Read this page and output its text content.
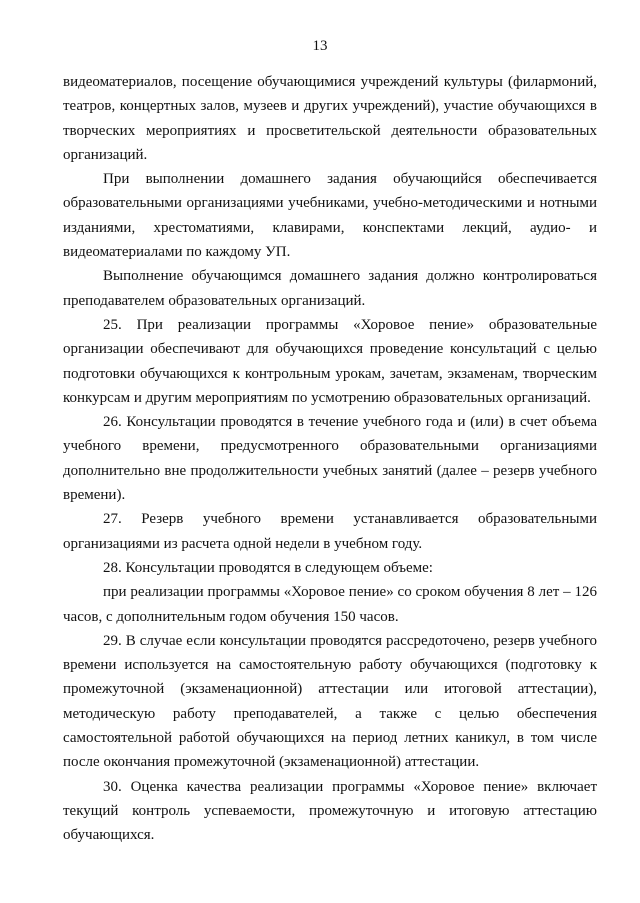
13

видеоматериалов, посещение обучающимися учреждений культуры (филармоний, театров, концертных залов, музеев и других учреждений), участие обучающихся в творческих мероприятиях и просветительской деятельности образовательных организаций.

При выполнении домашнего задания обучающийся обеспечивается образовательными организациями учебниками, учебно-методическими и нотными изданиями, хрестоматиями, клавирами, конспектами лекций, аудио- и видеоматериалами по каждому УП.

Выполнение обучающимся домашнего задания должно контролироваться преподавателем образовательных организаций.

25. При реализации программы «Хоровое пение» образовательные организации обеспечивают для обучающихся проведение консультаций с целью подготовки обучающихся к контрольным урокам, зачетам, экзаменам, творческим конкурсам и другим мероприятиям по усмотрению образовательных организаций.

26. Консультации проводятся в течение учебного года и (или) в счет объема учебного времени, предусмотренного образовательными организациями дополнительно вне продолжительности учебных занятий (далее – резерв учебного времени).

27. Резерв учебного времени устанавливается образовательными организациями из расчета одной недели в учебном году.

28. Консультации проводятся в следующем объеме:

при реализации программы «Хоровое пение» со сроком обучения 8 лет – 126 часов, с дополнительным годом обучения 150 часов.

29. В случае если консультации проводятся рассредоточено, резерв учебного времени используется на самостоятельную работу обучающихся (подготовку к промежуточной (экзаменационной) аттестации или итоговой аттестации), методическую работу преподавателей, а также с целью обеспечения самостоятельной работой обучающихся на период летних каникул, в том числе после окончания промежуточной (экзаменационной) аттестации.

30. Оценка качества реализации программы «Хоровое пение» включает текущий контроль успеваемости, промежуточную и итоговую аттестацию обучающихся.
